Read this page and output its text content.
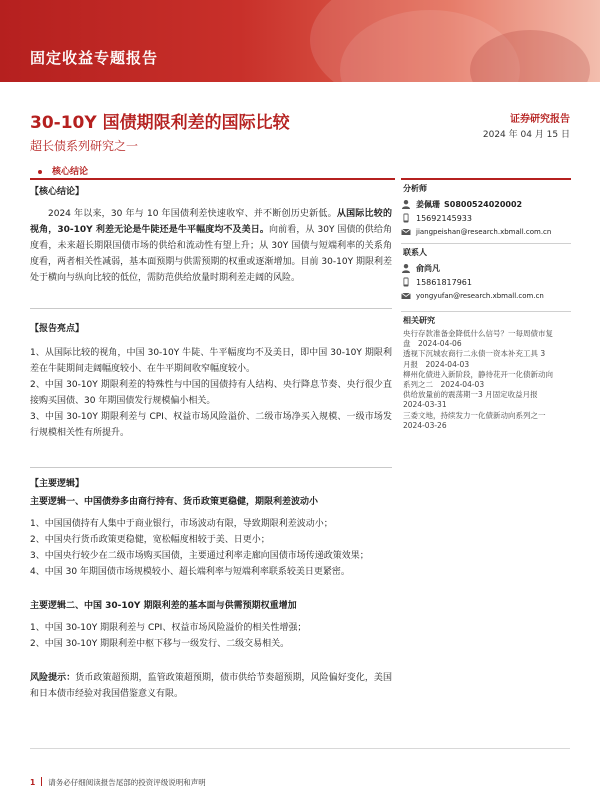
固定收益专题报告
30-10Y 国债期限利差的国际比较
超长债系列研究之一
证券研究报告
2024 年 04 月 15 日
核心结论

【核心结论】

2024 年以来，30 年与 10 年国债利差快速收窄、并不断创历史新低。从国际比较的视角，30-10Y 利差无论是牛陡还是牛平幅度均不及美日。向前看，从 30Y 国债的供给角度看，未来超长期限国债市场的供给和流动性有望上升；从 30Y 国债与短端利率的关系角度看，两者相关性减弱，基本面预期与供需预期的权重或逐渐增加。目前 30-10Y 期限利差处于横向与纵向比较的低位，需防范供给放量时期利差走阔的风险。

【报告亮点】

1、从国际比较的视角，中国 30-10Y 牛陡、牛平幅度均不及美日，即中国 30-10Y 期限利差在牛陡期间走阔幅度较小、在牛平期间收窄幅度较小。

2、中国 30-10Y 期限利差的特殊性与中国的国债持有人结构、央行降息节奏、央行很少直接购买国债、30 年期国债发行规模偏小相关。

3、中国 30-10Y 期限利差与 CPI、权益市场风险溢价、二级市场净买入规模、一级市场发行规模相关性有所提升。

【主要逻辑】

主要逻辑一、中国债券多由商行持有、货币政策更稳健，期限利差波动小

1、中国国债持有人集中于商业银行，市场波动有限，导致期限利差波动小；

2、中国央行货币政策更稳健，宽松幅度相较于美、日更小；

3、中国央行较少在二级市场购买国债，主要通过利率走廊向国债市场传递政策效果；

4、中国 30 年期国债市场规模较小、超长端利率与短端利率联系较美日更紧密。

主要逻辑二、中国 30-10Y 期限利差的基本面与供需预期权重增加

1、中国 30-10Y 期限利差与 CPI、权益市场风险溢价的相关性增强；

2、中国 30-10Y 期限利差中枢下移与一级发行、二级交易相关。

风险提示：货币政策超预期，监管政策超预期，债市供给节奏超预期，风险偏好变化，美国和日本债市经验对我国借鉴意义有限。

分析师
姜佩珊 S0800524020002
15692145933
jiangpeishan@research.xbmall.com.cn
联系人
俞尚凡
15861817961
yongyufan@research.xbmall.com.cn
相关研究
央行存款准备金降低什么信号？一每周债市复
盘　2024-04-06
透视下沉城农商行二永债一资本补充工具 3
月报　2024-04-03
柳州化债进入新阶段，静待花开一化债新动向
系列之二　2024-04-03
供给放量前的震荡期一3 月固定收益月报
2024-03-31
三委文地，持续发力一化债新动向系列之一
2024-03-26
1 请务必仔细阅读报告尾部的投资评级说明和声明
